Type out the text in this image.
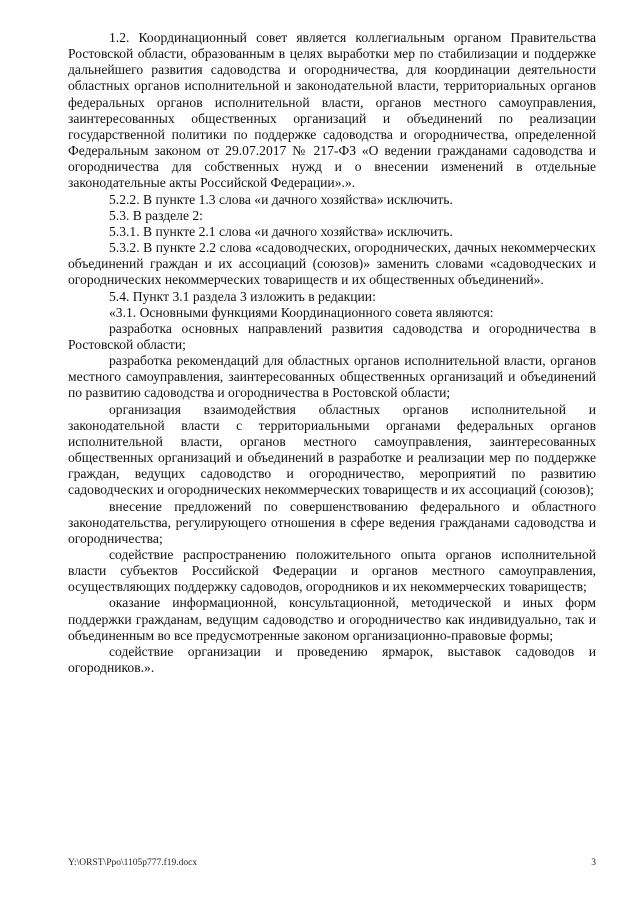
1.2. Координационный совет является коллегиальным органом Правительства Ростовской области, образованным в целях выработки мер по стабилизации и поддержке дальнейшего развития садоводства и огородничества, для координации деятельности областных органов исполнительной и законодательной власти, территориальных органов федеральных органов исполнительной власти, органов местного самоуправления, заинтересованных общественных организаций и объединений по реализации государственной политики по поддержке садоводства и огородничества, определенной Федеральным законом от 29.07.2017 № 217-ФЗ «О ведении гражданами садоводства и огородничества для собственных нужд и о внесении изменений в отдельные законодательные акты Российской Федерации».».

5.2.2. В пункте 1.3 слова «и дачного хозяйства» исключить.

5.3. В разделе 2:

5.3.1. В пункте 2.1 слова «и дачного хозяйства» исключить.

5.3.2. В пункте 2.2 слова «садоводческих, огороднических, дачных некоммерческих объединений граждан и их ассоциаций (союзов)» заменить словами «садоводческих и огороднических некоммерческих товариществ и их общественных объединений».

5.4. Пункт 3.1 раздела 3 изложить в редакции:

«3.1. Основными функциями Координационного совета являются:

разработка основных направлений развития садоводства и огородничества в Ростовской области;

разработка рекомендаций для областных органов исполнительной власти, органов местного самоуправления, заинтересованных общественных организаций и объединений по развитию садоводства и огородничества в Ростовской области;

организация взаимодействия областных органов исполнительной и законодательной власти с территориальными органами федеральных органов исполнительной власти, органов местного самоуправления, заинтересованных общественных организаций и объединений в разработке и реализации мер по поддержке граждан, ведущих садоводство и огородничество, мероприятий по развитию садоводческих и огороднических некоммерческих товариществ и их ассоциаций (союзов);

внесение предложений по совершенствованию федерального и областного законодательства, регулирующего отношения в сфере ведения гражданами садоводства и огородничества;

содействие распространению положительного опыта органов исполнительной власти субъектов Российской Федерации и органов местного самоуправления, осуществляющих поддержку садоводов, огородников и их некоммерческих товариществ;

оказание информационной, консультационной, методической и иных форм поддержки гражданам, ведущим садоводство и огородничество как индивидуально, так и объединенным во все предусмотренные законом организационно-правовые формы;

содействие организации и проведению ярмарок, выставок садоводов и огородников.».

Y:\ORST\Ppo\1105p777.f19.docx	3
